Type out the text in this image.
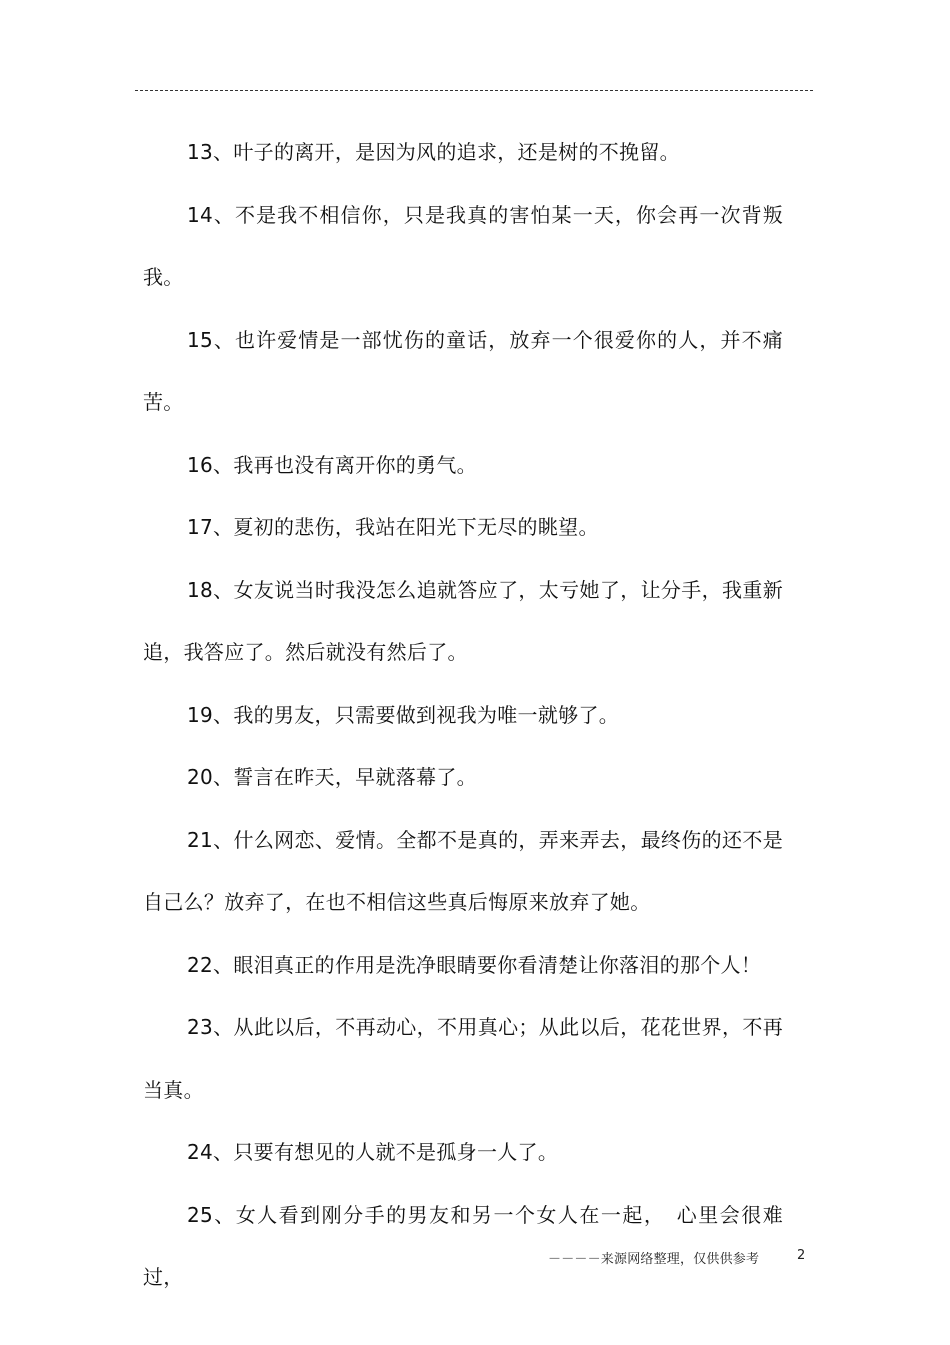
13、叶子的离开，是因为风的追求，还是树的不挽留。

14、不是我不相信你，只是我真的害怕某一天，你会再一次背叛我。

15、也许爱情是一部忧伤的童话，放弃一个很爱你的人，并不痛苦。

16、我再也没有离开你的勇气。

17、夏初的悲伤，我站在阳光下无尽的眺望。

18、女友说当时我没怎么追就答应了，太亏她了，让分手，我重新追，我答应了。然后就没有然后了。

19、我的男友，只需要做到视我为唯一就够了。

20、誓言在昨天，早就落幕了。

21、什么网恋、爱情。全都不是真的，弄来弄去，最终伤的还不是自己么？放弃了，在也不相信这些真后悔原来放弃了她。

22、眼泪真正的作用是洗净眼睛要你看清楚让你落泪的那个人！

23、从此以后，不再动心，不用真心；从此以后，花花世界，不再当真。

24、只要有想见的人就不是孤身一人了。

25、女人看到刚分手的男友和另一个女人在一起，　心里会很难过，

－－－－来源网络整理，仅供供参考	2
